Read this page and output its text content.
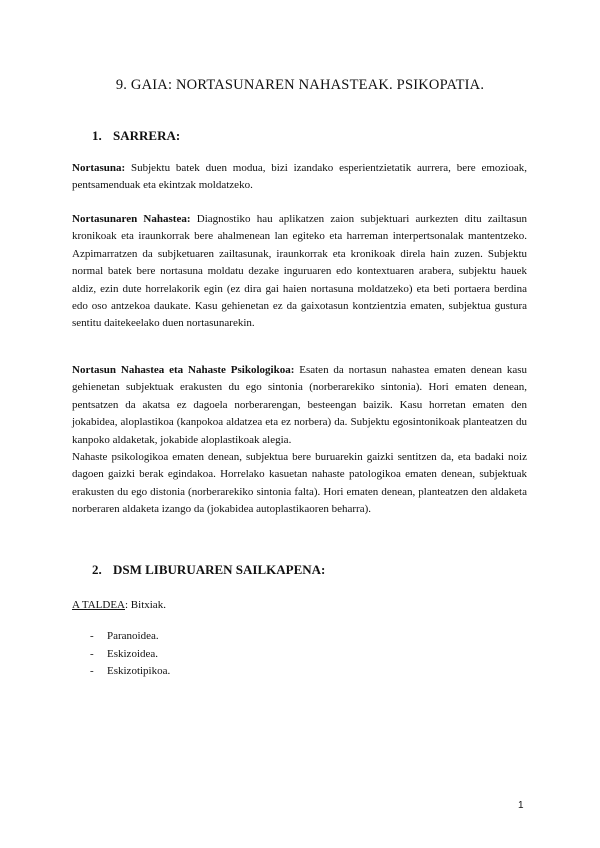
9. GAIA: NORTASUNAREN NAHASTEAK. PSIKOPATIA.
1. SARRERA:

Nortasuna: Subjektu batek duen modua, bizi izandako esperientzietatik aurrera, bere emozioak, pentsamenduak eta ekintzak moldatzeko.

Nortasunaren Nahastea: Diagnostiko hau aplikatzen zaion subjektuari aurkezten ditu zailtasun kronikoak eta iraunkorrak bere ahalmenean lan egiteko eta harreman interpertsonalak mantentzeko. Azpimarratzen da subjketuaren zailtasunak, iraunkorrak eta kronikoak direla hain zuzen. Subjektu normal batek bere nortasuna moldatu dezake inguruaren edo kontextuaren arabera, subjektu hauek aldiz, ezin dute horrelakorik egin (ez dira gai haien nortasuna moldatzeko) eta beti portaera berdina edo oso antzekoa daukate. Kasu gehienetan ez da gaixotasun kontzientzia ematen, subjektua gustura sentitu daitekeelako duen nortasunarekin.

Nortasun Nahastea eta Nahaste Psikologikoa: Esaten da nortasun nahastea ematen denean kasu gehienetan subjektuak erakusten du ego sintonia (norberarekiko sintonia). Hori ematen denean, pentsatzen da akatsa ez dagoela norberarengan, besteengan baizik. Kasu horretan ematen den jokabidea, aloplastikoa (kanpokoa aldatzea eta ez norbera) da. Subjektu egosintonikoak planteatzen du kanpoko aldaketak, jokabide aloplastikoak alegia.

Nahaste psikologikoa ematen denean, subjektua bere buruarekin gaizki sentitzen da, eta badaki noiz dagoen gaizki berak egindakoa. Horrelako kasuetan nahaste patologikoa ematen denean, subjektuak erakusten du ego distonia (norberarekiko sintonia falta). Hori ematen denean, planteatzen den aldaketa norberaren aldaketa izango da (jokabidea autoplastikaoren beharra).

2. DSM LIBURUAREN SAILKAPENA:
A TALDEA: Bitxiak.
- Paranoidea.
- Eskizoidea.
- Eskizotipikoa.
1
